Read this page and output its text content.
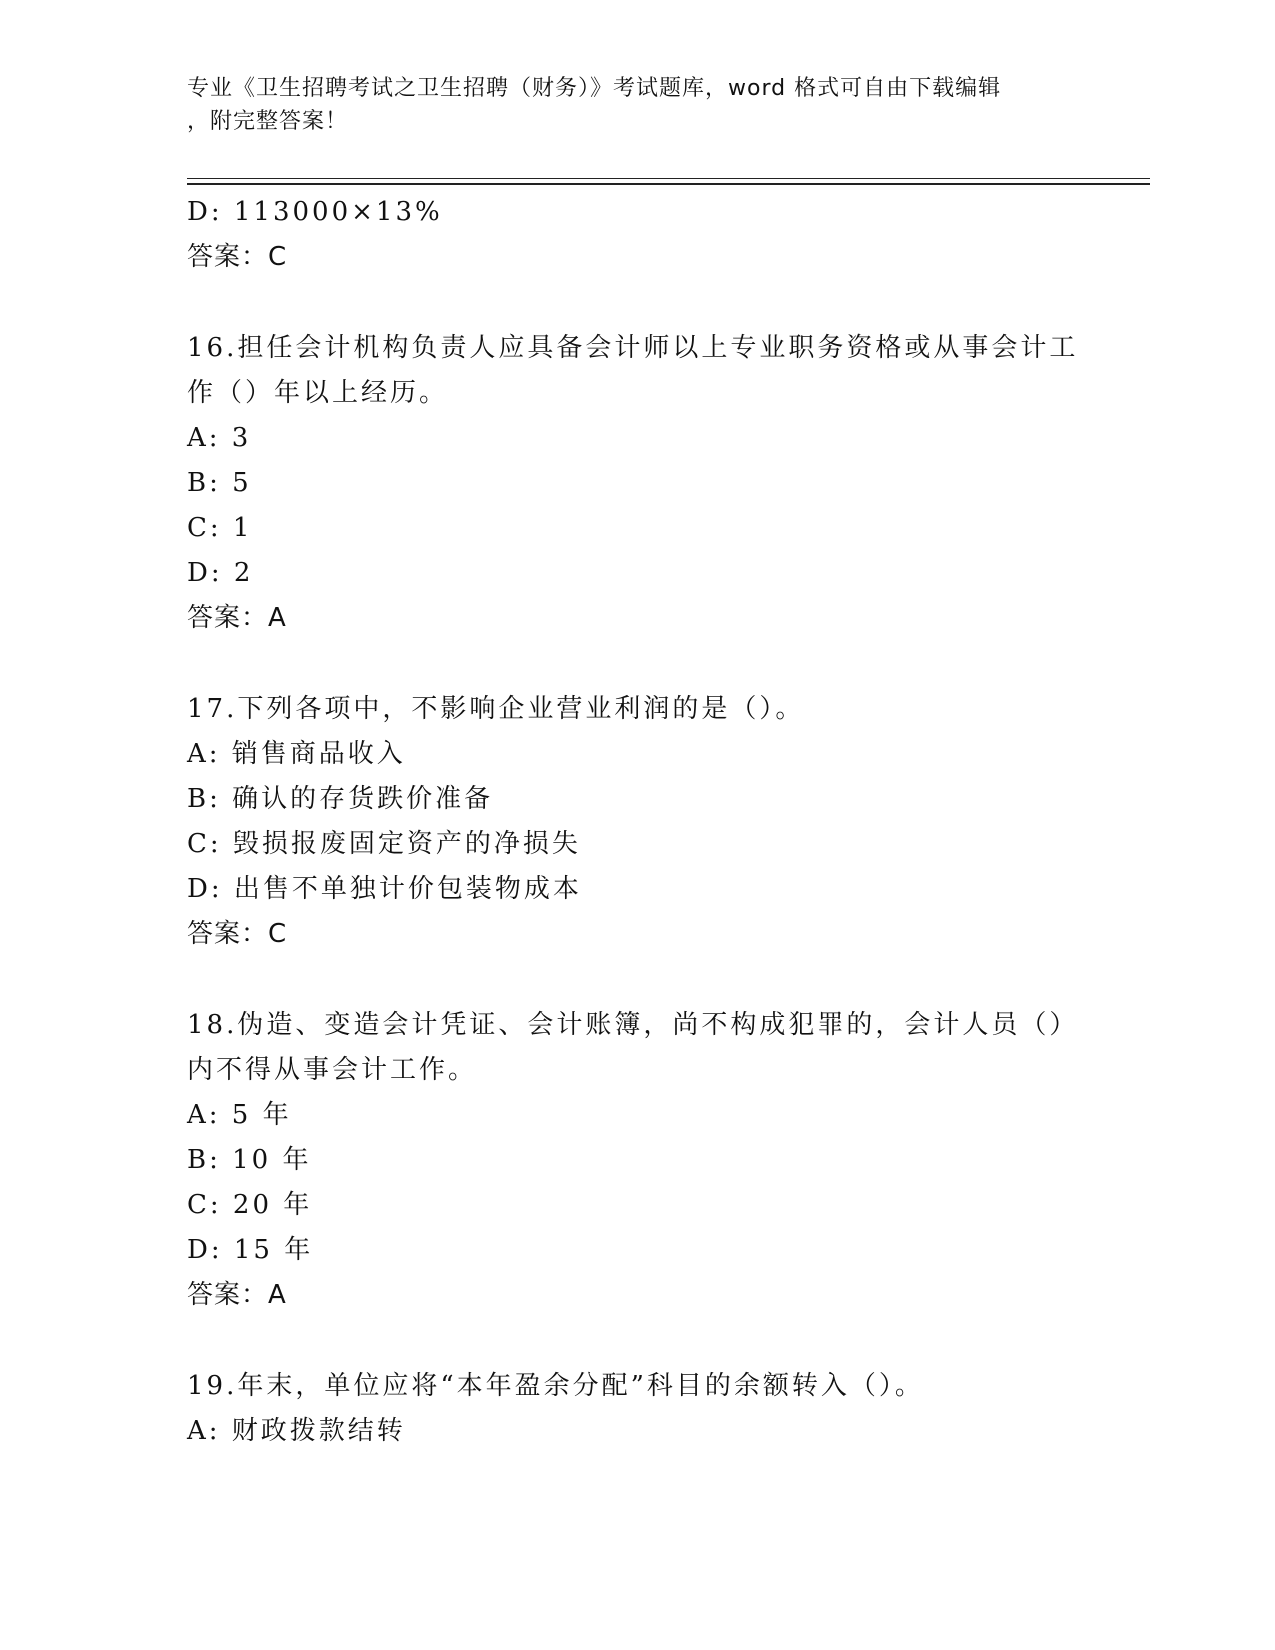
专业《卫生招聘考试之卫生招聘（财务）》考试题库，word 格式可自由下载编辑
，附完整答案！
D: 113000×13%
答案：C
16.担任会计机构负责人应具备会计师以上专业职务资格或从事会计工作（）年以上经历。
A: 3
B: 5
C: 1
D: 2
答案：A
17.下列各项中，不影响企业营业利润的是（）。
A: 销售商品收入
B: 确认的存货跌价准备
C: 毁损报废固定资产的净损失
D: 出售不单独计价包装物成本
答案：C
18.伪造、变造会计凭证、会计账簿，尚不构成犯罪的，会计人员（）内不得从事会计工作。
A: 5 年
B: 10 年
C: 20 年
D: 15 年
答案：A
19.年末，单位应将“本年盈余分配”科目的余额转入（）。
A: 财政拨款结转
